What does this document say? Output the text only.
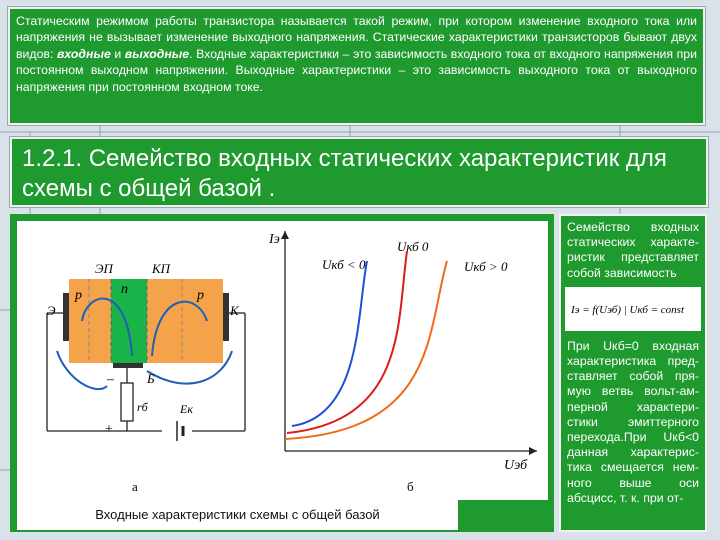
Статическим режимом работы транзистора называется такой режим, при котором изменение входного тока или напряжения не вызывает изменение выходного напряжения. Статические характеристики транзисторов бывают двух видов: входные и выходные. Входные характеристики – это зависимость входного тока от входного напряжения при постоянном выходном напряжении. Выходные характеристики – это зависимость выходного тока от выходного напряжения при постоянном входном токе.
1.2.1. Семейство входных статических характеристик для схемы с общей базой .
ЭП	КП
p	n	p
Э	К
Б
–
+
rб	Eк
а
Iэ
Uэб
Uкб < 0
Uкб 0
Uкб > 0
б
Входные характеристики схемы с общей базой
Семейство входных статических характе-ристик представляет собой зависимость
Iэ = f(Uэб) | Uкб = const
При Uкб=0 входная характеристика пред-ставляет собой пря-мую ветвь вольт-ам-перной характери-стики эмиттерного перехода.При Uкб<0 данная характерис-тика смещается нем-ного выше оси абсцисс, т. к. при от-
